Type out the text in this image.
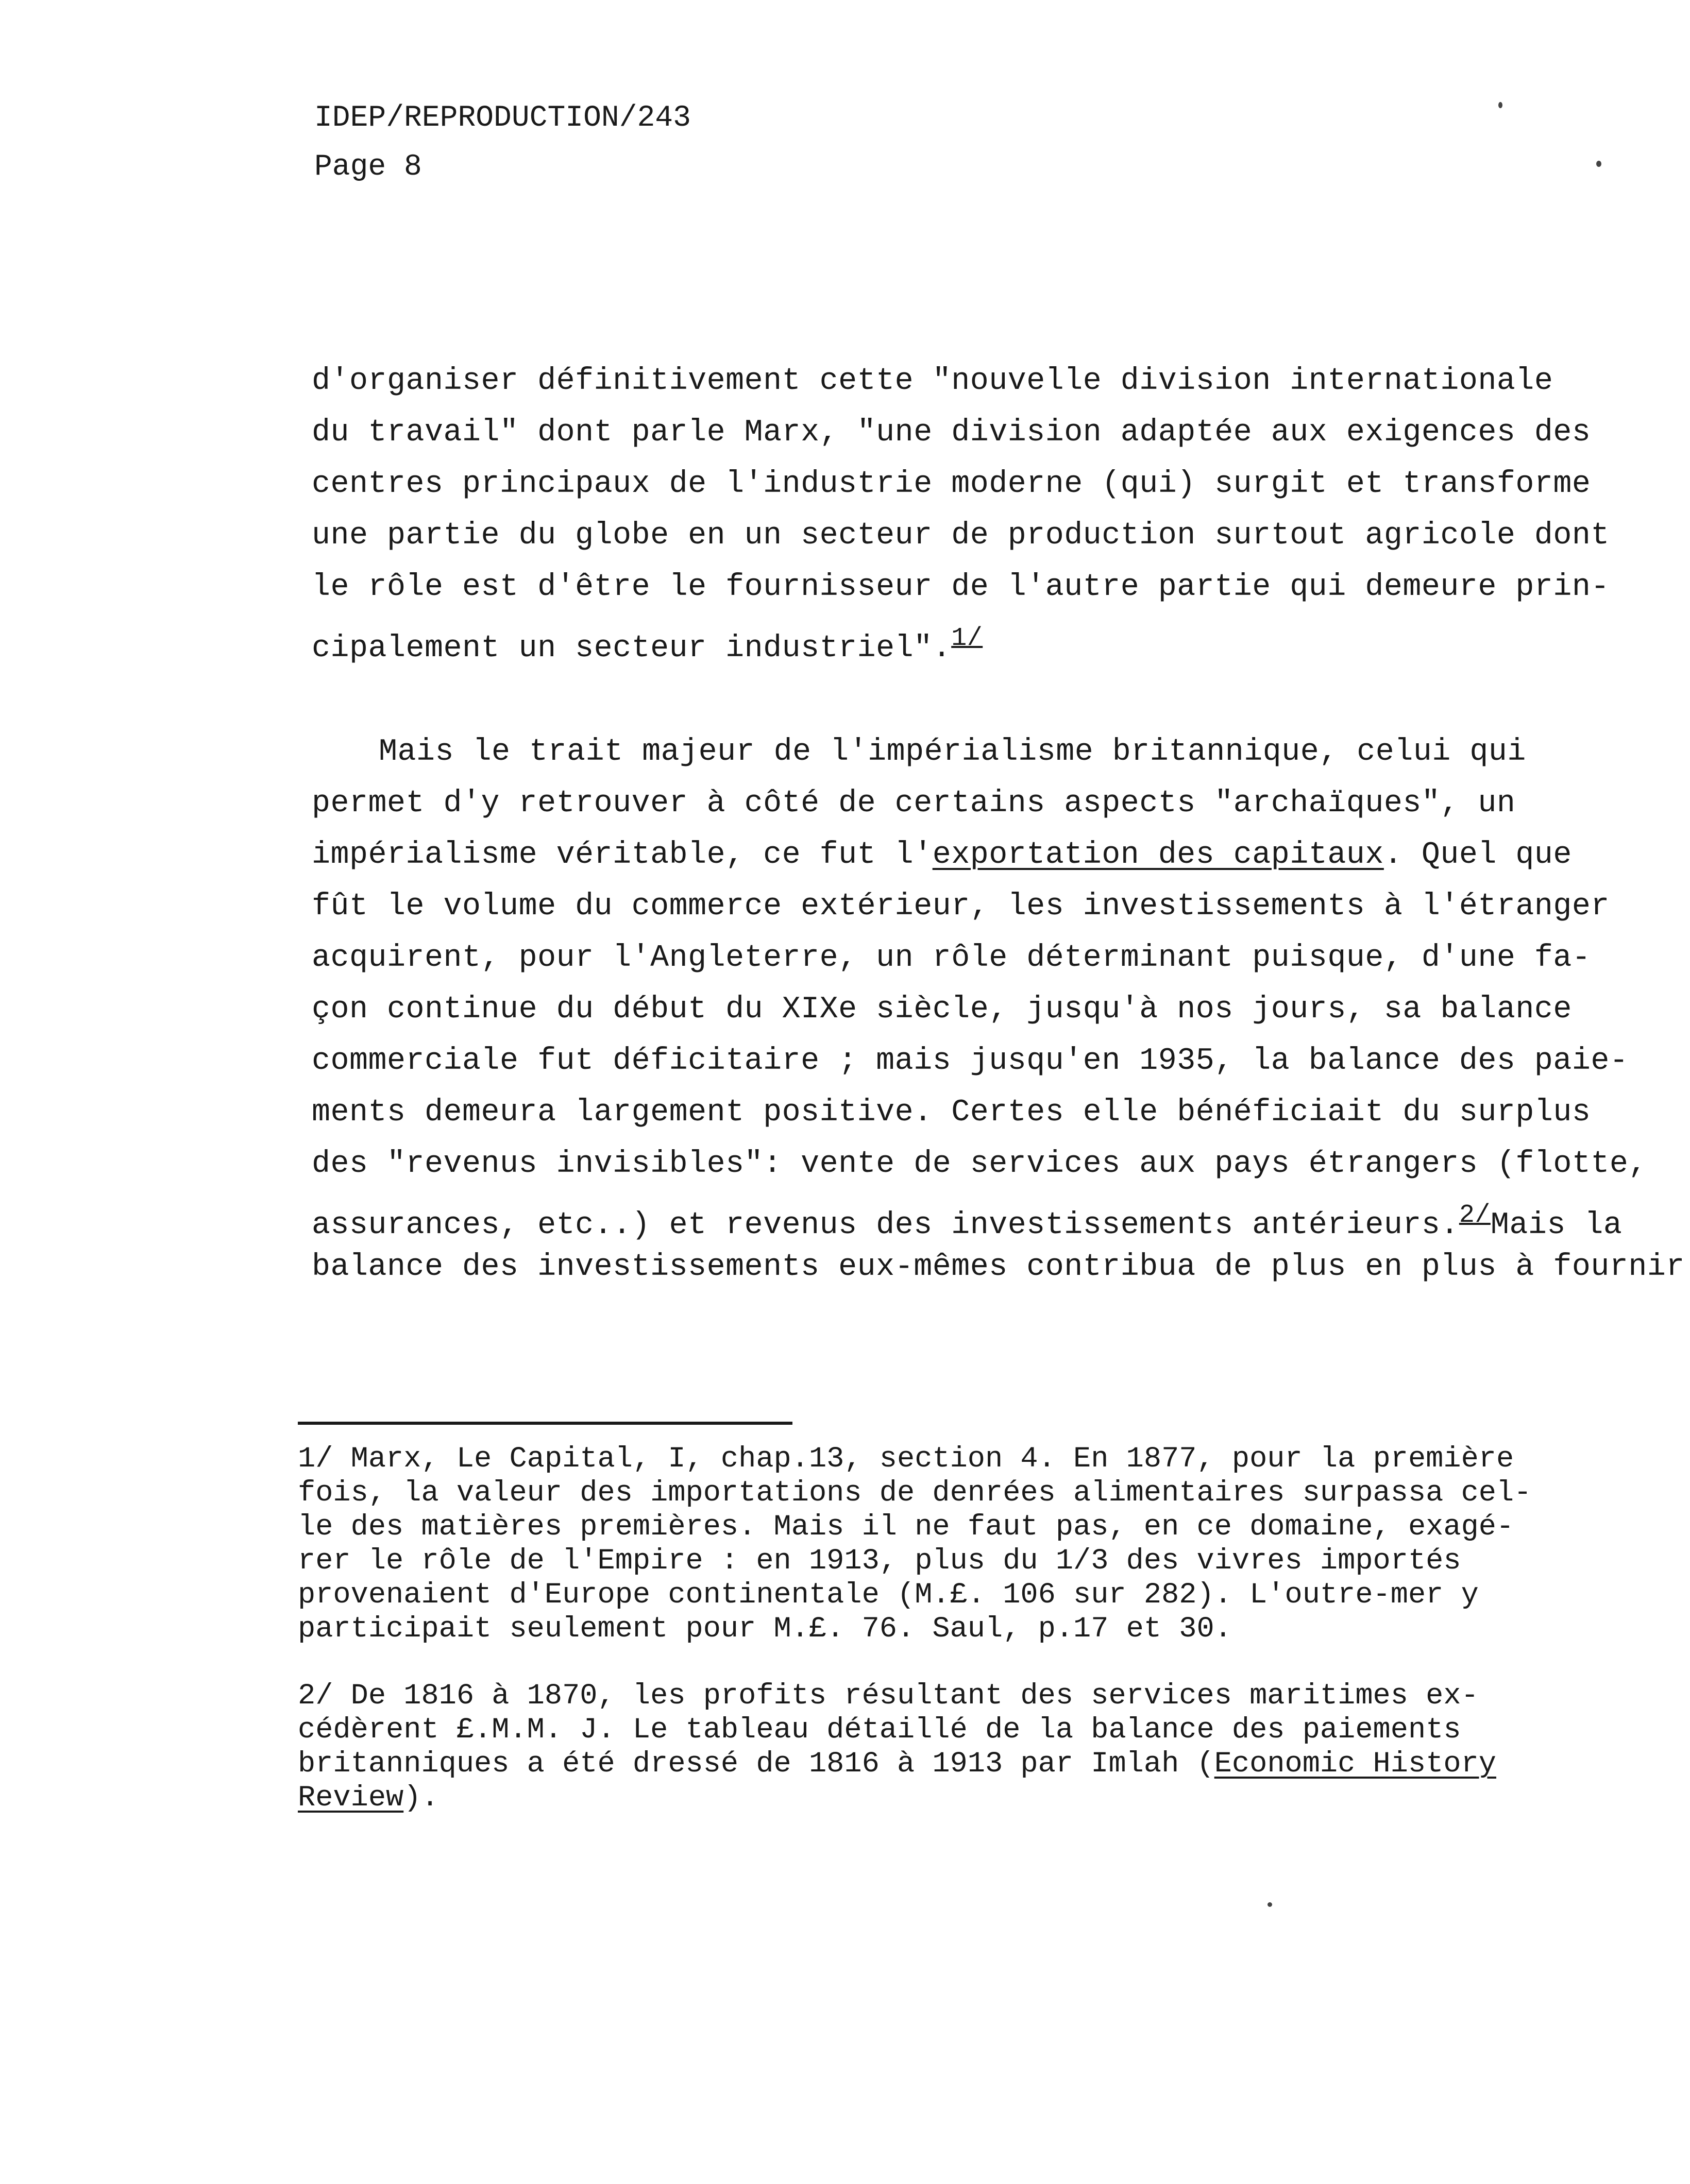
IDEP/REPRODUCTION/243
Page 8
d'organiser définitivement cette "nouvelle division internationale
du travail" dont parle Marx, "une division adaptée aux exigences des
centres principaux de l'industrie moderne (qui) surgit et transforme
une partie du globe en un secteur de production surtout agricole dont
le rôle est d'être le fournisseur de l'autre partie qui demeure prin-
cipalement un secteur industriel".$^{1/}$
Mais le trait majeur de l'impérialisme britannique, celui qui
permet d'y retrouver à côté de certains aspects "archaïques", un
impérialisme véritable, ce fut l'exportation des capitaux. Quel que
fût le volume du commerce extérieur, les investissements à l'étranger
acquirent, pour l'Angleterre, un rôle déterminant puisque, d'une fa-
çon continue du début du XIXe siècle, jusqu'à nos jours, sa balance
commerciale fut déficitaire ; mais jusqu'en 1935, la balance des paie-
ments demeura largement positive. Certes elle bénéficiait du surplus
des "revenus invisibles": vente de services aux pays étrangers (flotte,
assurances, etc..) et revenus des investissements antérieurs.$^{2/}$Mais la
balance des investissements eux-mêmes contribua de plus en plus à fournir
1/ Marx, Le Capital, I, chap.13, section 4. En 1877, pour la première
fois, la valeur des importations de denrées alimentaires surpassa cel-
le des matières premières. Mais il ne faut pas, en ce domaine, exagé-
rer le rôle de l'Empire : en 1913, plus du 1/3 des vivres importés
provenaient d'Europe continentale (M.£. 106 sur 282). L'outre-mer y
participait seulement pour M.£. 76. Saul, p.17 et 30.
2/ De 1816 à 1870, les profits résultant des services maritimes ex-
cédèrent £.M.M. J. Le tableau détaillé de la balance des paiements
britanniques a été dressé de 1816 à 1913 par Imlah (Economic History
Review).
